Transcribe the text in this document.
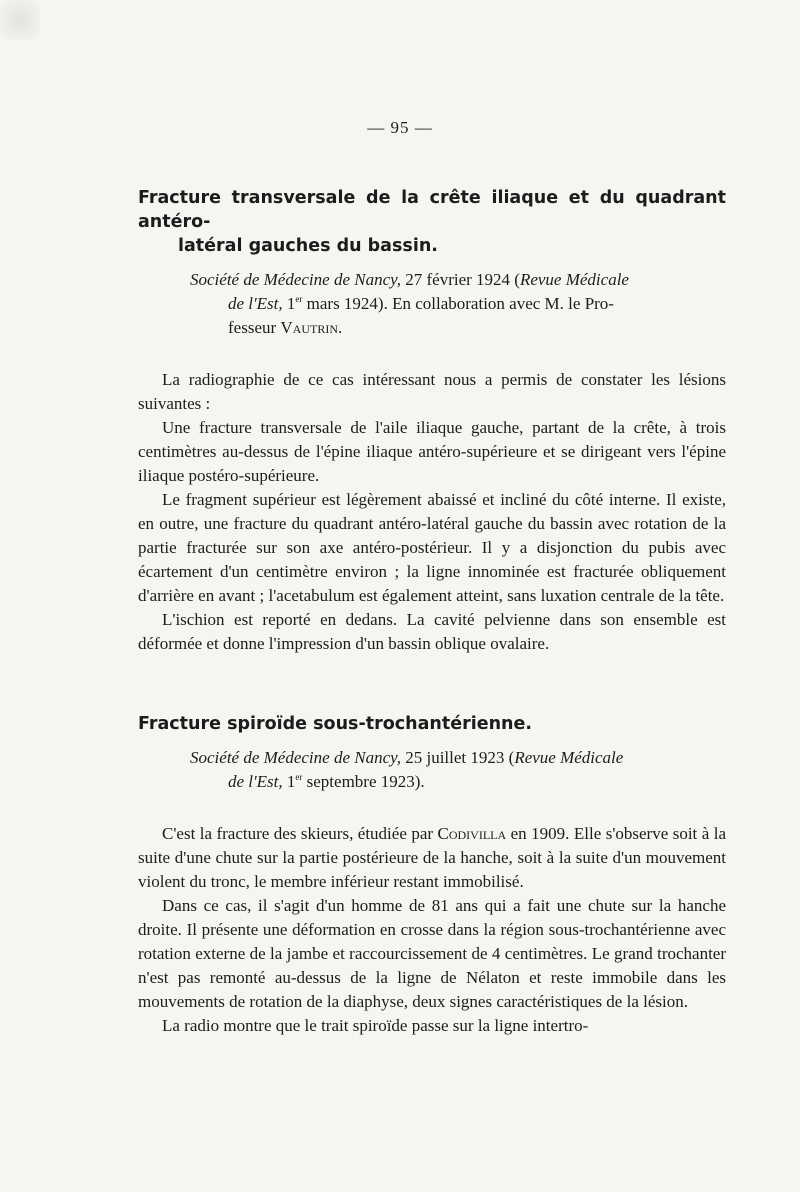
— 95 —
Fracture transversale de la crête iliaque et du quadrant antéro-
latéral gauches du bassin.
Société de Médecine de Nancy, 27 février 1924 (Revue Médicale
de l'Est, 1er mars 1924). En collaboration avec M. le Pro-
fesseur Vautrin.

La radiographie de ce cas intéressant nous a permis de constater les lésions suivantes :

Une fracture transversale de l'aile iliaque gauche, partant de la crête, à trois centimètres au-dessus de l'épine iliaque antéro-supérieure et se dirigeant vers l'épine iliaque postéro-supérieure.

Le fragment supérieur est légèrement abaissé et incliné du côté interne. Il existe, en outre, une fracture du quadrant antéro-latéral gauche du bassin avec rotation de la partie fracturée sur son axe antéro-postérieur. Il y a disjonction du pubis avec écartement d'un centimètre environ ; la ligne innominée est fracturée obliquement d'arrière en avant ; l'acetabulum est également atteint, sans luxation centrale de la tête.

L'ischion est reporté en dedans. La cavité pelvienne dans son ensemble est déformée et donne l'impression d'un bassin oblique ovalaire.

Fracture spiroïde sous-trochantérienne.
Société de Médecine de Nancy, 25 juillet 1923 (Revue Médicale
de l'Est, 1er septembre 1923).

C'est la fracture des skieurs, étudiée par Codivilla en 1909. Elle s'observe soit à la suite d'une chute sur la partie postérieure de la hanche, soit à la suite d'un mouvement violent du tronc, le membre inférieur restant immobilisé.

Dans ce cas, il s'agit d'un homme de 81 ans qui a fait une chute sur la hanche droite. Il présente une déformation en crosse dans la région sous-trochantérienne avec rotation externe de la jambe et raccourcissement de 4 centimètres. Le grand trochanter n'est pas remonté au-dessus de la ligne de Nélaton et reste immobile dans les mouvements de rotation de la diaphyse, deux signes caractéristiques de la lésion.

La radio montre que le trait spiroïde passe sur la ligne intertro-
